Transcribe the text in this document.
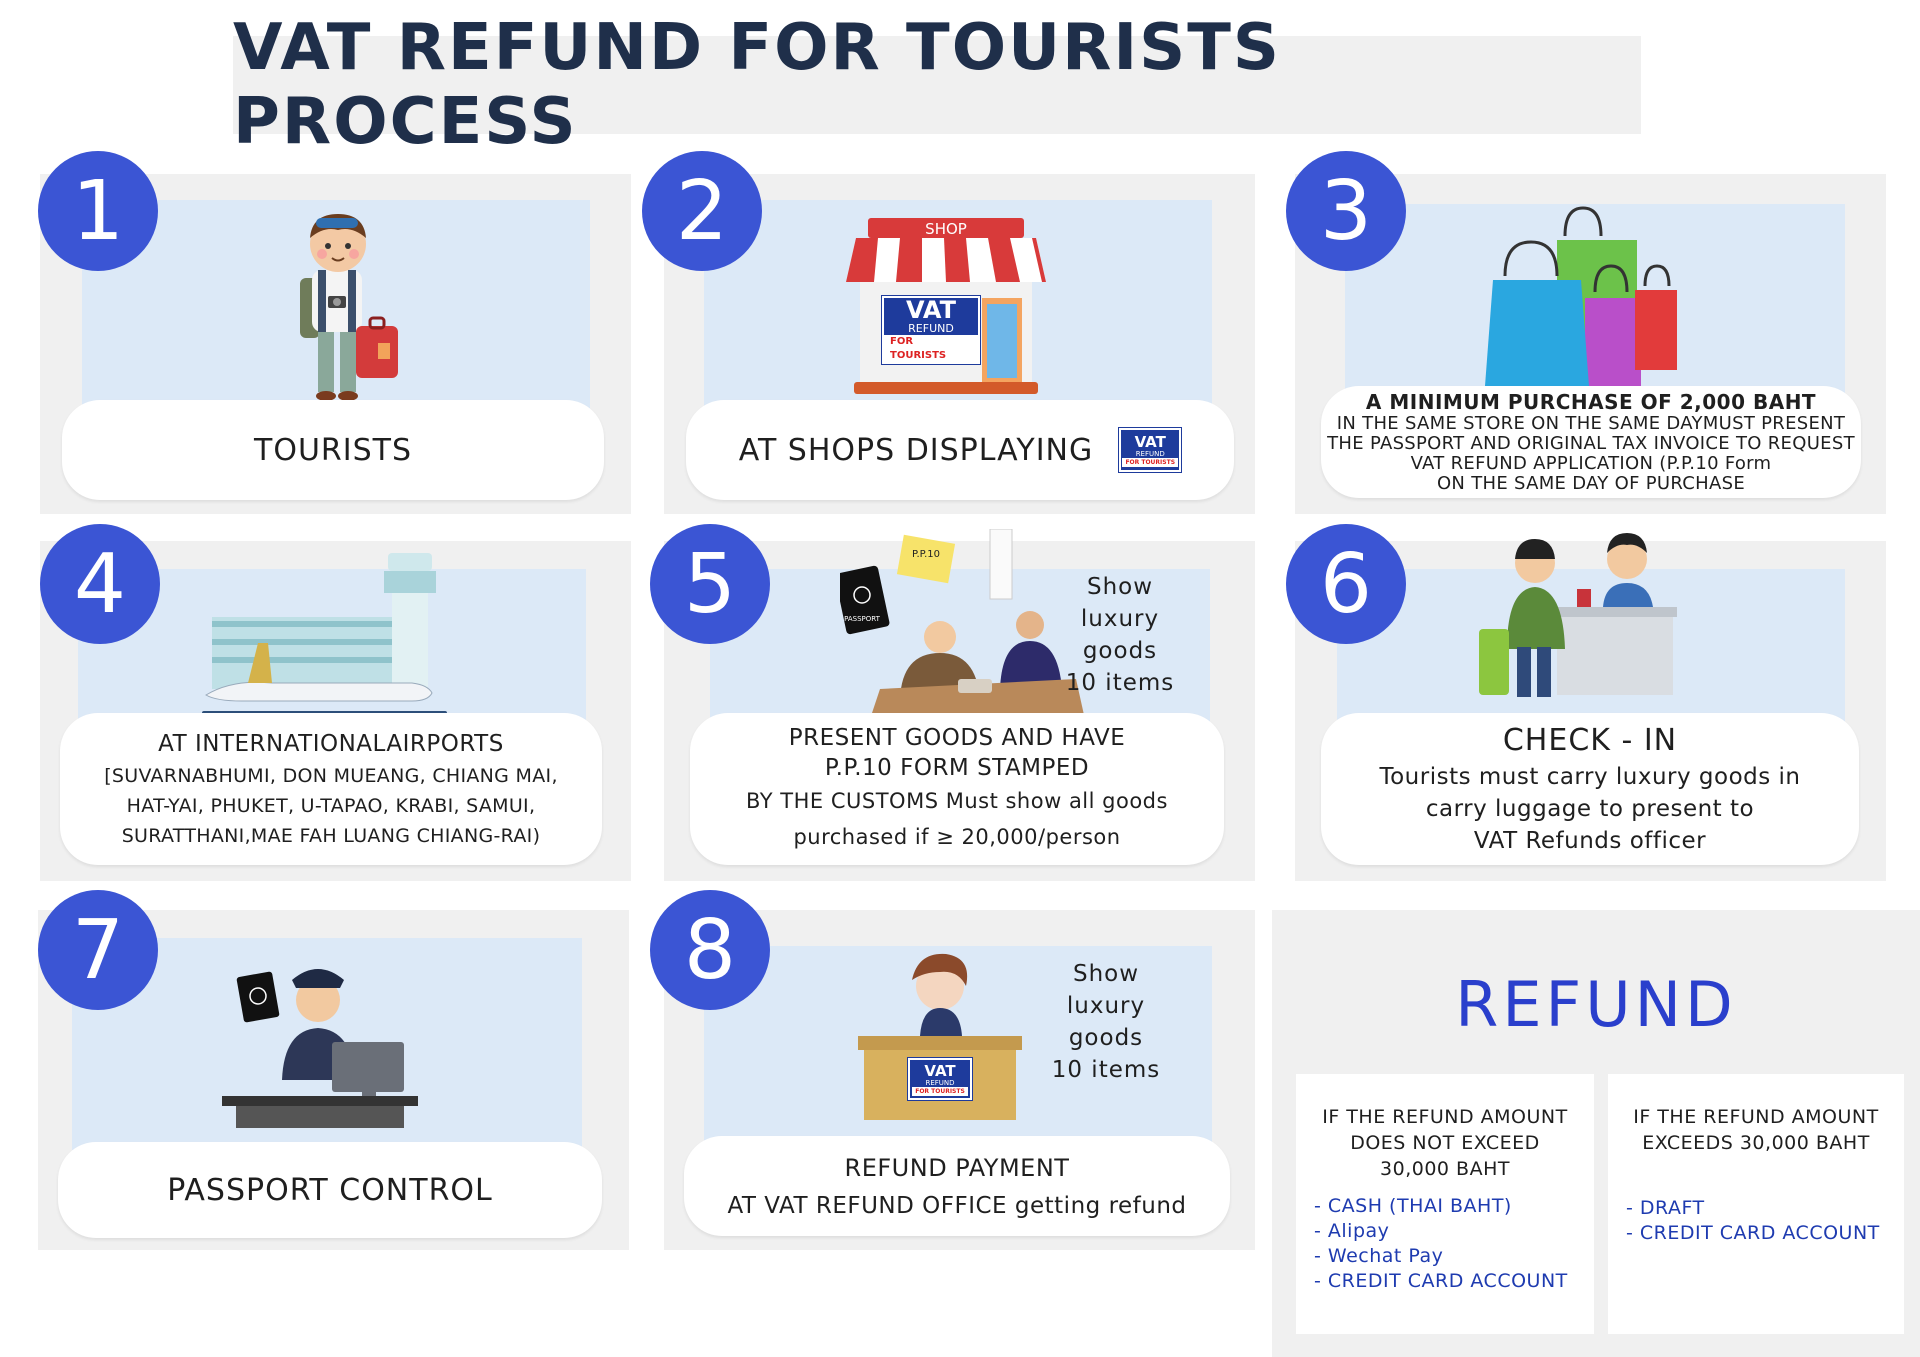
VAT REFUND FOR TOURISTS PROCESS
TOURISTS
1	SHOP
VAT
REFUND
FOR TOURISTS
AT SHOPS DISPLAYING	VAT
REFUND
FOR TOURISTS
2
A MINIMUM PURCHASE OF 2,000 BAHT
IN THE SAME STORE ON THE SAME DAYMUST PRESENT
THE PASSPORT AND ORIGINAL TAX INVOICE TO REQUEST
VAT REFUND APPLICATION (P.P.10 Form
ON THE SAME DAY OF PURCHASE
3
AT INTERNATIONALAIRPORTS
[SUVARNABHUMI, DON MUEANG, CHIANG MAI,
HAT-YAI, PHUKET, U-TAPAO, KRABI, SAMUI,
SURATTHANI,MAE FAH LUANG CHIANG-RAI)
4	PASSPORT
P.P.10
Show
luxury goods
10 items
PRESENT GOODS AND HAVE
P.P.10 FORM STAMPED
BY THE CUSTOMS Must show all goods
purchased if ≥ 20,000/person
5
CHECK - IN
Tourists must carry luxury goods in
carry luggage to present to
VAT Refunds officer
6
PASSPORT CONTROL
7
VAT
REFUND
FOR TOURISTS
Show
luxury goods
10 items
REFUND PAYMENT
AT VAT REFUND OFFICE getting refund
8
REFUND
IF THE REFUND AMOUNT
DOES NOT EXCEED
30,000 BAHT
- CASH (THAI BAHT)
- Alipay
- Wechat Pay
- CREDIT CARD ACCOUNT
IF THE REFUND AMOUNT
EXCEEDS 30,000 BAHT
- DRAFT
- CREDIT CARD ACCOUNT
